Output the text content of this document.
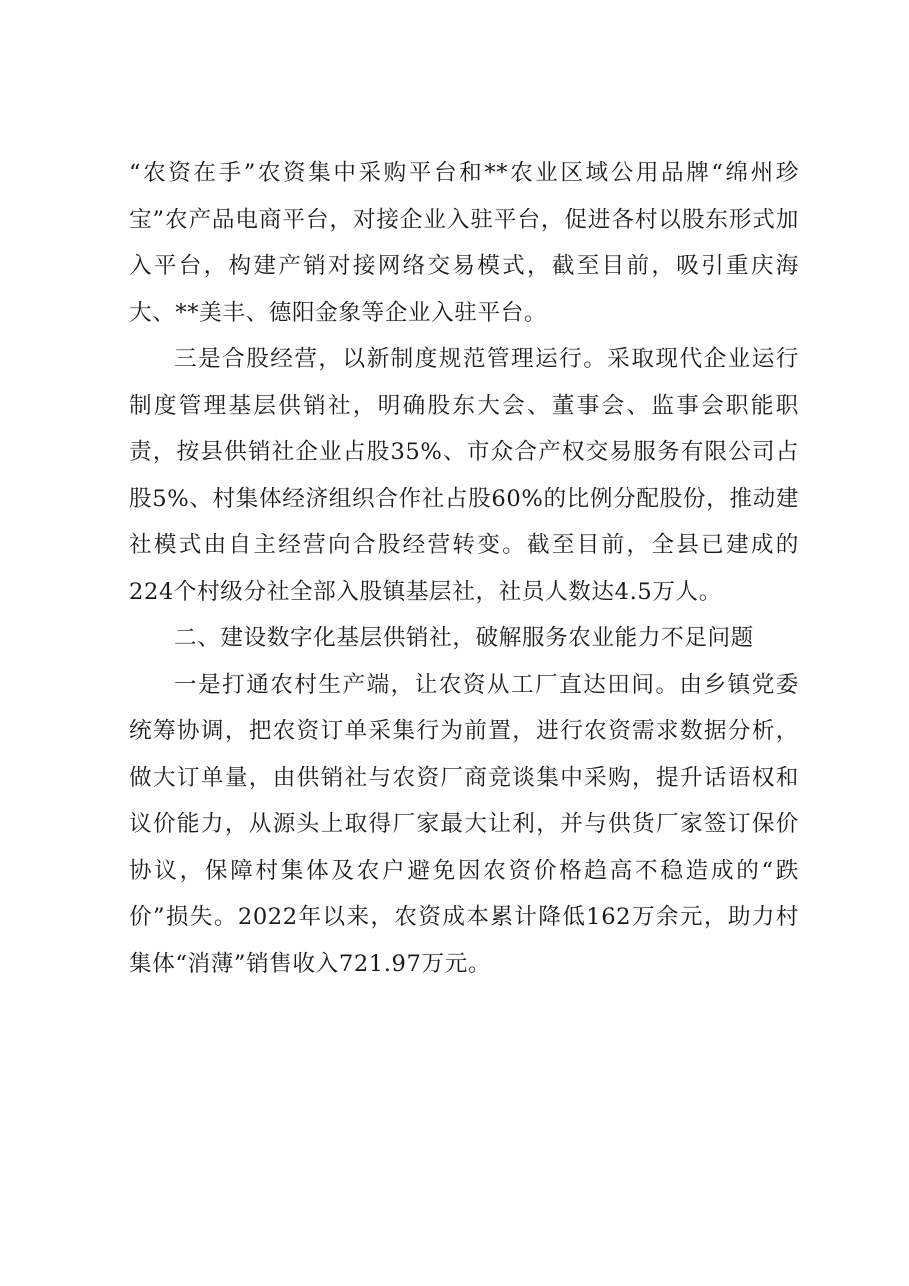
“农资在手”农资集中采购平台和**农业区域公用品牌“绵州珍宝”农产品电商平台，对接企业入驻平台，促进各村以股东形式加入平台，构建产销对接网络交易模式，截至目前，吸引重庆海大、**美丰、德阳金象等企业入驻平台。

三是合股经营，以新制度规范管理运行。采取现代企业运行制度管理基层供销社，明确股东大会、董事会、监事会职能职责，按县供销社企业占股35%、市众合产权交易服务有限公司占股5%、村集体经济组织合作社占股60%的比例分配股份，推动建社模式由自主经营向合股经营转变。截至目前，全县已建成的224个村级分社全部入股镇基层社，社员人数达4.5万人。

二、建设数字化基层供销社，破解服务农业能力不足问题

一是打通农村生产端，让农资从工厂直达田间。由乡镇党委统筹协调，把农资订单采集行为前置，进行农资需求数据分析，做大订单量，由供销社与农资厂商竞谈集中采购，提升话语权和议价能力，从源头上取得厂家最大让利，并与供货厂家签订保价协议，保障村集体及农户避免因农资价格趋高不稳造成的“跌价”损失。2022年以来，农资成本累计降低162万余元，助力村集体“消薄”销售收入721.97万元。
